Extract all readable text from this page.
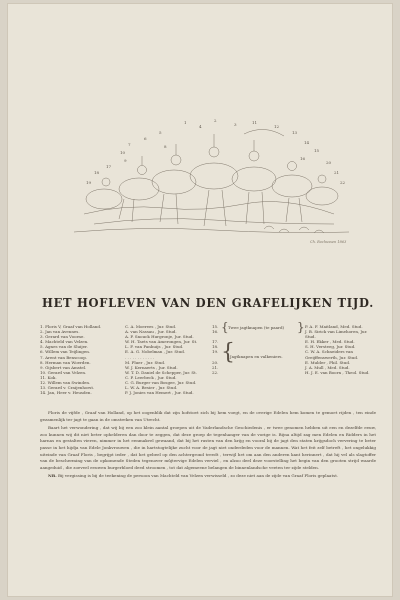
1	2
3
4
5
6
7	8
9
10
11
12
13
14
15
16
17
18
19
20
21
22
Ch. Rochussen 1863
HET HOFLEVEN VAN DEN GRAFELIJKEN TIJD.
1. Floris V, Graaf van Holland.
2. Jan van Avennes.
3. Gerard van Voorne.
4. Machteld van Velzen.
5. Agnes van de Sluijer.
6. Willem van Teijlingen.
7. Arent van Benscoop.
8. Herman van Woerden.
9. Gijsbert van Amstel.
10. Gerard van Velzen.
11. Kok.
12. Willem van Swinden.
13. Gerard v. Craijenhorst.
14. Jan, Heer v. Heusden.
C. A. Moerees , Jur. Stud.
A. van Nassau , Jur. Stud.
A. P. Snouck Hurgronje, Jur. Stud.
W. H. Taets van Amerongen, Jur. St.
L. F. van Panhuijs , Jur. Stud.
E. A. G. Nobelman , Jur. Stud.
. . . . . . . . . . . .
M. Pluer , Jur. Stud.
W. J. Kernaerts , Jur. Stud.
W. T. D. Daniel de Schepper, Jur. St.
C. P. Leerbeck , Jur. Stud.
C. G. Burger van Bosgee, Jur. Stud.
L. W. A. Besier , Jur. Stud.
P. J. Jonies van Hemert , Jur. Stud.
15.
16.
17.
18.
19.
20.
21.
22.
{ Twee jagtknapen (te paard) }
{
Jagtknapen en valkeniers.
P. A. F. Maitland, Med. Stud.
J. B. Sirick van Limehoren, Jur. Stud.
E. H. Ekker , Med. Stud.
S. H. Versteeg, Jur. Stud.
C. W. A. Schneiders van Greijffenswerth, Jur. Stud.
E. Mulder , Phil. Stud.
J. A. Mull , Med. Stud.
H. J. E. van Boorn , Theol. Stud.

Floris de vijfde , Graaf van Holland, op het oogenblik dat zijn hofstoet zich bij hem voegt, en de overige Edelen hem komen te gemoet rijden , ten einde gezamenlijk ter jagt te gaan in de omstreken van Utrecht.

Baart het verwondering , dat wij bij een zoo klein aantal groepen uit de Vaderlandsche Geschiedenis , er twee genomen hebben uit een en dezelfde eeuw, zoo kunnen wij dit niet beter ophelderen dan door te zeggen, dat deze groep de tegenhanger van de vorige is. Bijna altijd zag men Edelen en Ridders in het harnas en gestalten vieren, nimmer in het eenmakvel gewaand, dat bij het rusten van den krijg en vooral bij de jagt den staten krijgsdoch ververing te beter passe in het hijdja van Edele Jonkvrouwen , die in hartstogtelijke zucht voor de jagt niet onderdeden voor de mannen. Wat het feit zelf betreft , het ongelukkig uiteinde van Graaf Floris , begrijpt ieder , dat het gebeel op den achtergrond treedt , terwijl het om aan den anderen kant herinnert , dat hij vel als slagtoffer van de bescherming van de opkomende Steden tegenover mûjtervige Edelen verviel , en alzoo deel deze voorstelling het begin van den grooten strijd waarde aangeduid , die zoeveel eeuwen burgerbloed deed stroomen , tot dat algemeene belangen de binnenlandsche veeten ter zijde stelden.

NB. Bij vergissing is bij de teekening de persoon van Machteld van Velzen verwisseld , zo deze niet aan de zijde van Graaf Floris geplaatst.
